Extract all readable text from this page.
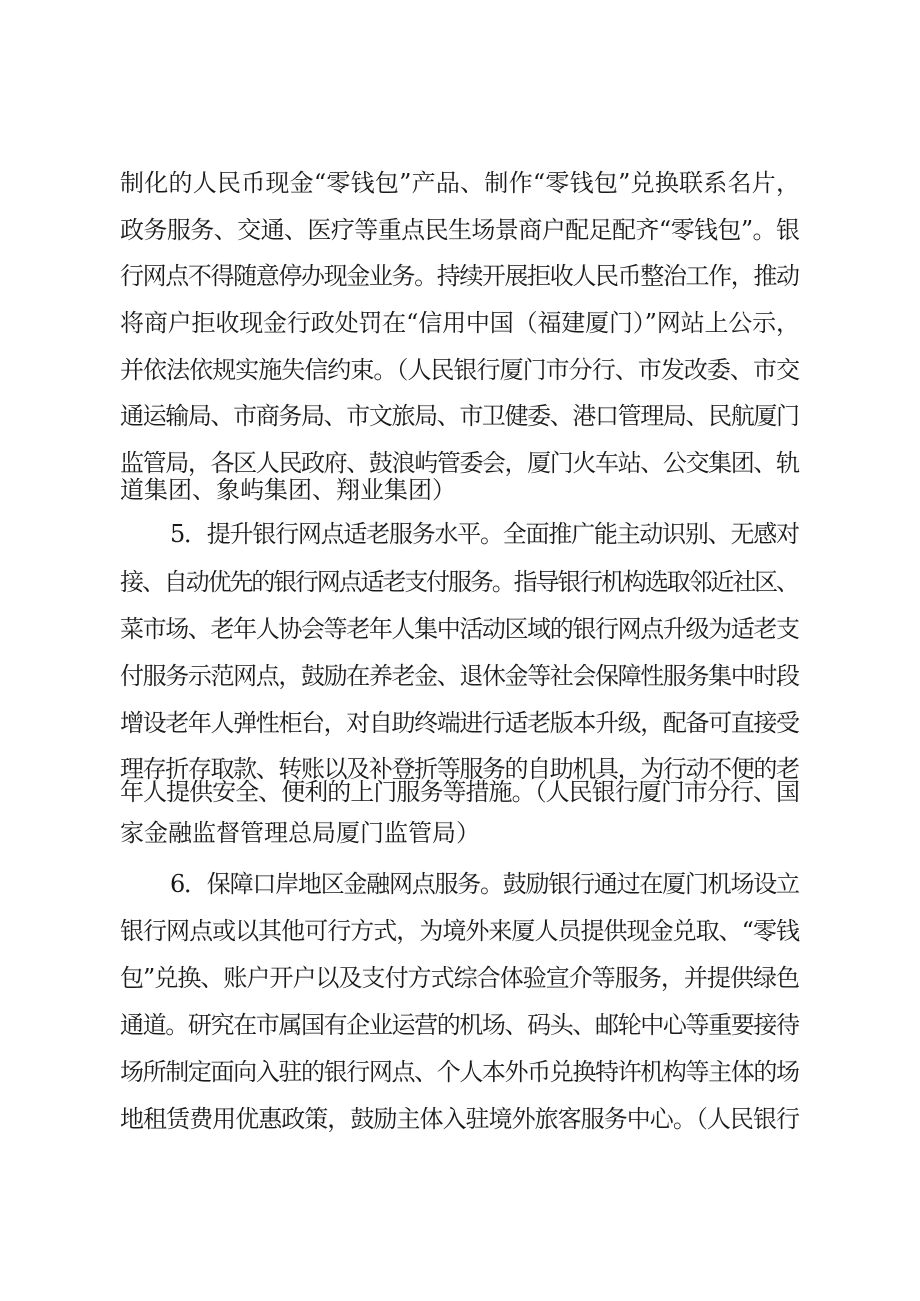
制化的人民币现金“零钱包”产品、制作“零钱包”兑换联系名片，
政务服务、交通、医疗等重点民生场景商户配足配齐“零钱包”。银
行网点不得随意停办现金业务。持续开展拒收人民币整治工作，推动
将商户拒收现金行政处罚在“信用中国（福建厦门）”网站上公示，
并依法依规实施失信约束。（人民银行厦门市分行、市发改委、市交
通运输局、市商务局、市文旅局、市卫健委、港口管理局、民航厦门
监管局，各区人民政府、鼓浪屿管委会，厦门火车站、公交集团、轨
道集团、象屿集团、翔业集团）
5．提升银行网点适老服务水平。全面推广能主动识别、无感对
接、自动优先的银行网点适老支付服务。指导银行机构选取邻近社区、
菜市场、老年人协会等老年人集中活动区域的银行网点升级为适老支
付服务示范网点，鼓励在养老金、退休金等社会保障性服务集中时段
增设老年人弹性柜台，对自助终端进行适老版本升级，配备可直接受
理存折存取款、转账以及补登折等服务的自助机具，为行动不便的老
年人提供安全、便利的上门服务等措施。（人民银行厦门市分行、国
家金融监督管理总局厦门监管局）
6．保障口岸地区金融网点服务。鼓励银行通过在厦门机场设立
银行网点或以其他可行方式，为境外来厦人员提供现金兑取、“零钱
包”兑换、账户开户以及支付方式综合体验宣介等服务，并提供绿色
通道。研究在市属国有企业运营的机场、码头、邮轮中心等重要接待
场所制定面向入驻的银行网点、个人本外币兑换特许机构等主体的场
地租赁费用优惠政策，鼓励主体入驻境外旅客服务中心。（人民银行
